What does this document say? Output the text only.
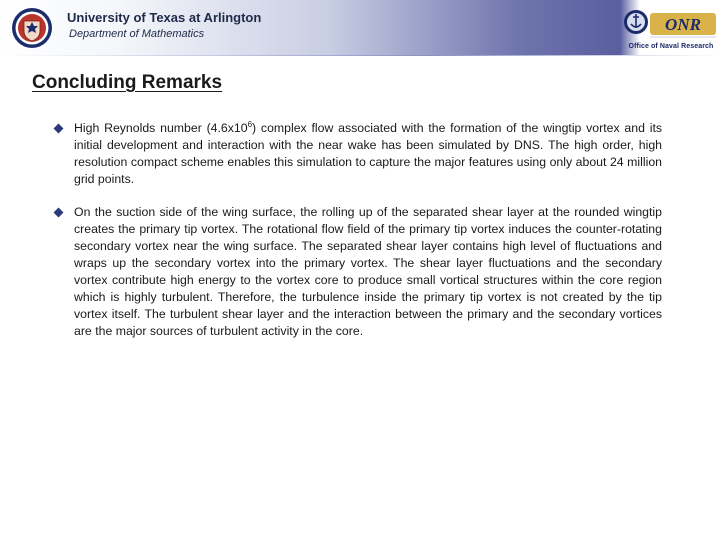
University of Texas at Arlington
Department of Mathematics	ONR
Office of Naval Research
Concluding Remarks
High Reynolds number $(4.6x10^6)$ complex flow associated with the formation of the wingtip vortex and its initial development and interaction with the near wake has been simulated by DNS. The high order, high resolution compact scheme enables this simulation to capture the major features using only about 24 million grid points.
On the suction side of the wing surface, the rolling up of the separated shear layer at the rounded wingtip creates the primary tip vortex. The rotational flow field of the primary tip vortex induces the counter-rotating secondary vortex near the wing surface. The separated shear layer contains high level of fluctuations and wraps up the secondary vortex into the primary vortex. The shear layer fluctuations and the secondary vortex contribute high energy to the vortex core to produce small vortical structures within the core region which is highly turbulent. Therefore, the turbulence inside the primary tip vortex is not created by the tip vortex itself. The turbulent shear layer and the interaction between the primary and the secondary vortices are the major sources of turbulent activity in the core.
